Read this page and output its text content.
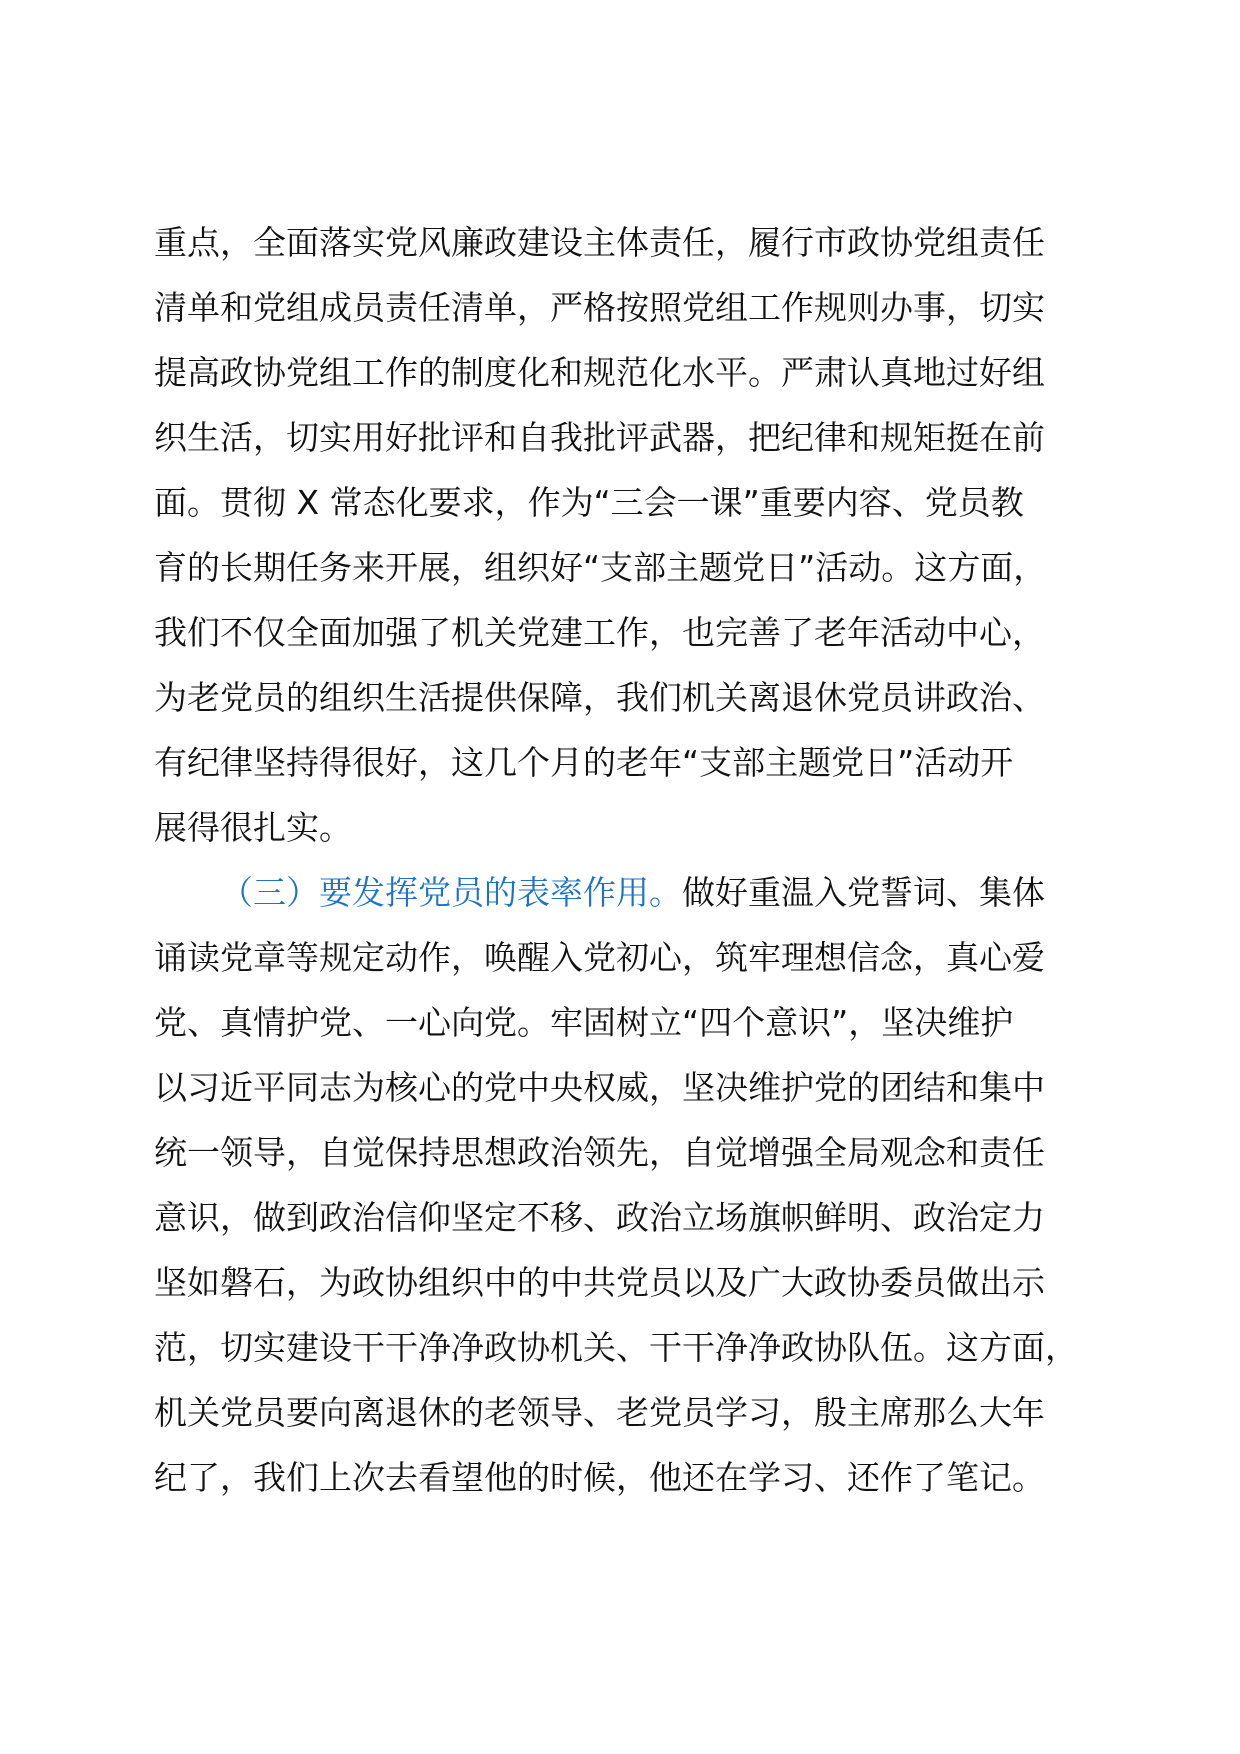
重点，全面落实党风廉政建设主体责任，履行市政协党组责任
清单和党组成员责任清单，严格按照党组工作规则办事，切实
提高政协党组工作的制度化和规范化水平。严肃认真地过好组
织生活，切实用好批评和自我批评武器，把纪律和规矩挺在前
面。贯彻 X 常态化要求，作为“三会一课”重要内容、党员教
育的长期任务来开展，组织好“支部主题党日”活动。这方面，
我们不仅全面加强了机关党建工作，也完善了老年活动中心，
为老党员的组织生活提供保障，我们机关离退休党员讲政治、
有纪律坚持得很好，这几个月的老年“支部主题党日”活动开
展得很扎实。
（三）要发挥党员的表率作用。做好重温入党誓词、集体
诵读党章等规定动作，唤醒入党初心，筑牢理想信念，真心爱
党、真情护党、一心向党。牢固树立“四个意识”，坚决维护
以习近平同志为核心的党中央权威，坚决维护党的团结和集中
统一领导，自觉保持思想政治领先，自觉增强全局观念和责任
意识，做到政治信仰坚定不移、政治立场旗帜鲜明、政治定力
坚如磐石，为政协组织中的中共党员以及广大政协委员做出示
范，切实建设干干净净政协机关、干干净净政协队伍。这方面，
机关党员要向离退休的老领导、老党员学习，殷主席那么大年
纪了，我们上次去看望他的时候，他还在学习、还作了笔记。
